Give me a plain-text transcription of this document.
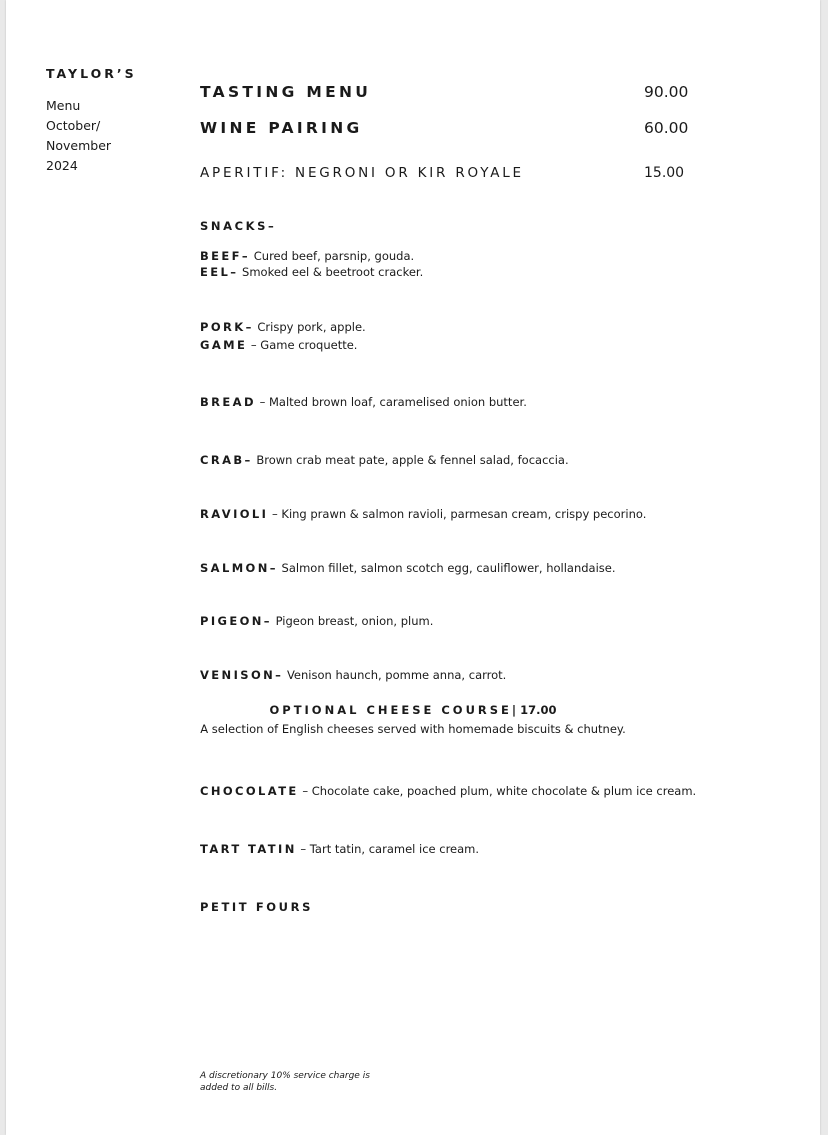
TAYLOR’S
Menu
October/
November
2024
TASTING MENU	90.00
WINE PAIRING	60.00
APERITIF: NEGRONI OR KIR ROYALE	15.00
SNACKS–
BEEF– Cured beef, parsnip, gouda.
EEL– Smoked eel & beetroot cracker.
PORK– Crispy pork, apple.
GAME – Game croquette.
BREAD – Malted brown loaf, caramelised onion butter.
CRAB– Brown crab meat pate, apple & fennel salad, focaccia.
RAVIOLI – King prawn & salmon ravioli, parmesan cream, crispy pecorino.
SALMON– Salmon fillet, salmon scotch egg, cauliflower, hollandaise.
PIGEON– Pigeon breast, onion, plum.
VENISON– Venison haunch, pomme anna, carrot.
OPTIONAL CHEESE COURSE| 17.00
A selection of English cheeses served with homemade biscuits & chutney.
CHOCOLATE – Chocolate cake, poached plum, white chocolate & plum ice cream.
TART TATIN – Tart tatin, caramel ice cream.
PETIT FOURS
A discretionary 10% service charge is
added to all bills.
